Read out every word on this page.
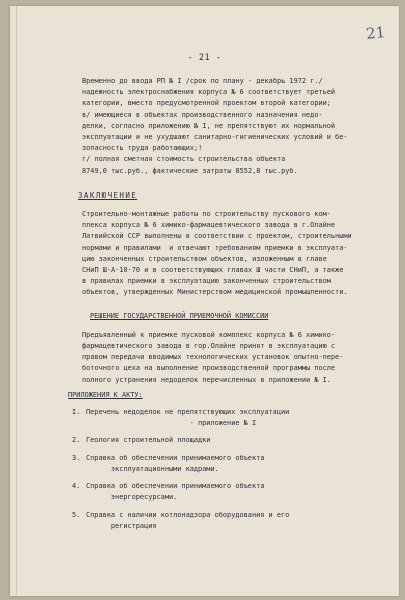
21
- 21 -

Временно до ввода РП № I /срок по плану - декабрь 1972 г./

надежность электроснабжения корпуса № 6 соответствует третьей

категории, вместо предусмотренной проектом второй категории;

в/ имеющиеся в объектах производственного назначения недо-

делки, согласно приложению № I, не препятствуют их нормальной

эксплуатации и не ухудшают санитарно-гигиенических условий и бе-

зопасность труда работающих;!

г/ полная сметная стоимость строительства объекта

8749,0 тыс.руб., фактические затраты 8552,8 тыс.руб.

ЗАКЛЮЧЕНИЕ

Строительно-монтажные работы по строительству пускового ком-

плекса корпуса № 6 химико-фармацевтического завода в г.Олайне

Латвийской ССР выполнены в соответствии с проектом, строительными

нормами и правилами  и отвечают требованиям приемки в эксплуата-

цию законченных строительством объектов, изложенным в главе

СНиП Ш-А-10-70 и в соответствующих главах Ш части СНиП, а также

в правилах приемки в эксплуатацию законченных строительством

объектов, утвержденных Министерством медицинской промышленности.

РЕШЕНИЕ ГОСУДАРСТВЕННОЙ ПРИЕМОЧНОЙ КОМИССИИ

Предъявленный к приемке пусковой комплекс корпуса № 6 химико-

фармацевтического завода в гор.Олайне принят в эксплуатацию с

правом передачи вводимых технологических установок опытно-пере-

боточного цеха на выполнение производственной программы после

полного устранения недоделок перечисленных в приложении № I.

ПРИЛОЖЕНИЯ К АКТУ:
I. Перечень недоделок не препятствующих эксплуатации

- приложение № I

2. Геология строительной площадки

3. Справка об обеспечении принимаемого объекта

эксплуатационными кадрами.

4. Справка об обеспечении принимаемого объекта

энергоресурсами.

5. Справка с наличии котлонадзора оборудования и его

регистрация
